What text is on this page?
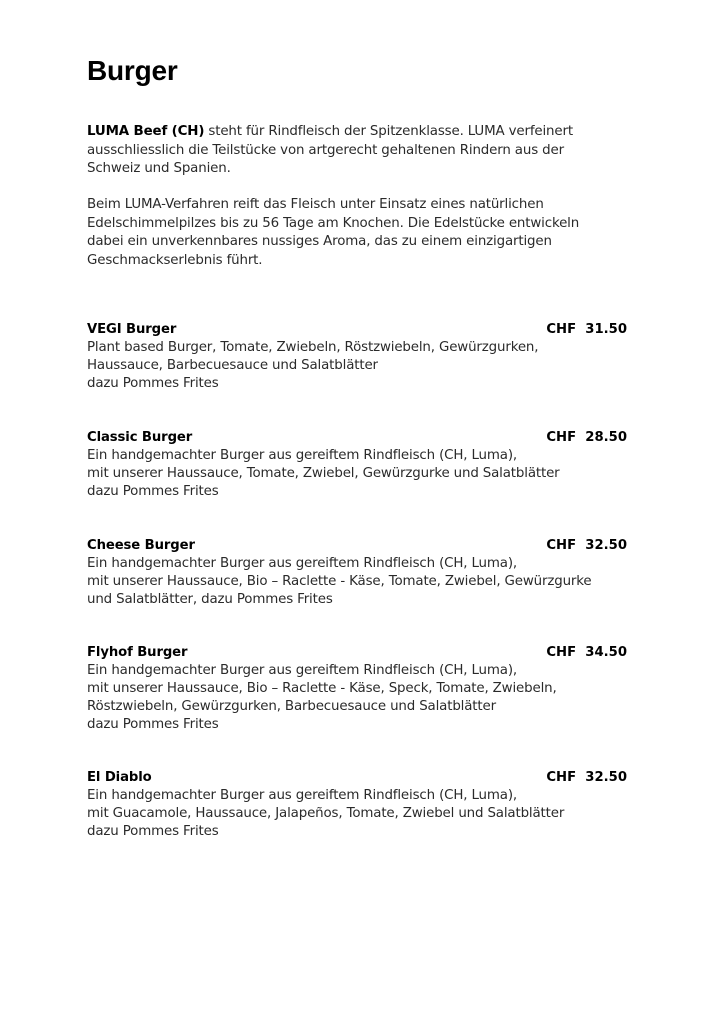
Burger

LUMA Beef (CH) steht für Rindfleisch der Spitzenklasse. LUMA verfeinert
ausschliesslich die Teilstücke von artgerecht gehaltenen Rindern aus der
Schweiz und Spanien.

Beim LUMA-Verfahren reift das Fleisch unter Einsatz eines natürlichen
Edelschimmelpilzes bis zu 56 Tage am Knochen. Die Edelstücke entwickeln
dabei ein unverkennbares nussiges Aroma, das zu einem einzigartigen
Geschmackserlebnis führt.

VEGI Burger	CHF  31.50
Plant based Burger, Tomate, Zwiebeln, Röstzwiebeln, Gewürzgurken,
Haussauce, Barbecuesauce und Salatblätter
dazu Pommes Frites
Classic Burger	CHF  28.50
Ein handgemachter Burger aus gereiftem Rindfleisch (CH, Luma),
mit unserer Haussauce, Tomate, Zwiebel, Gewürzgurke und Salatblätter
dazu Pommes Frites
Cheese Burger	CHF  32.50
Ein handgemachter Burger aus gereiftem Rindfleisch (CH, Luma),
mit unserer Haussauce, Bio – Raclette - Käse, Tomate, Zwiebel, Gewürzgurke
und Salatblätter, dazu Pommes Frites
Flyhof Burger	CHF  34.50
Ein handgemachter Burger aus gereiftem Rindfleisch (CH, Luma),
mit unserer Haussauce, Bio – Raclette - Käse, Speck, Tomate, Zwiebeln,
Röstzwiebeln, Gewürzgurken, Barbecuesauce und Salatblätter
dazu Pommes Frites
El Diablo	CHF  32.50
Ein handgemachter Burger aus gereiftem Rindfleisch (CH, Luma),
mit Guacamole, Haussauce, Jalapeños, Tomate, Zwiebel und Salatblätter
dazu Pommes Frites
